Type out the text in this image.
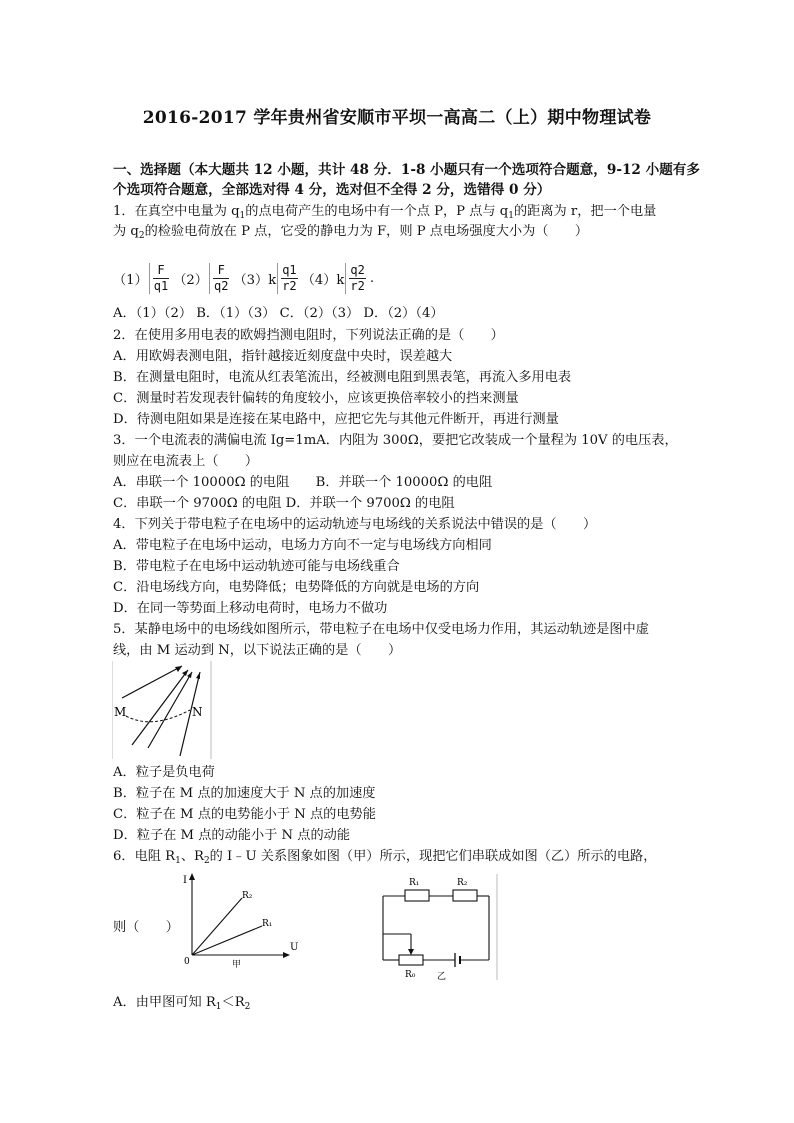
2016-2017 学年贵州省安顺市平坝一高高二（上）期中物理试卷
一、选择题（本大题共 12 小题，共计 48 分．1-8 小题只有一个选项符合题意，9-12 小题有多
个选项符合题意，全部选对得 4 分，选对但不全得 2 分，选错得 0 分）
1．在真空中电量为 $q_1$的点电荷产生的电场中有一个点 P，P 点与 $q_1$的距离为 r，把一个电量
为 $q_2$的检验电荷放在 P 点，它受的静电力为 F，则 P 点电场强度大小为（　　）
$(1) \frac{F}{q1} (2) \frac{F}{q2} (3)k \frac{q1}{r2} (4)k \frac{q2}{r2}$ .
A．（1）（2） B．（1）（3） C．（2）（3） D．（2）（4）
2．在使用多用电表的欧姆挡测电阻时，下列说法正确的是（　　）
A．用欧姆表测电阻，指针越接近刻度盘中央时，误差越大
B．在测量电阻时，电流从红表笔流出，经被测电阻到黑表笔，再流入多用电表
C．测量时若发现表针偏转的角度较小，应该更换倍率较小的挡来测量
D．待测电阻如果是连接在某电路中，应把它先与其他元件断开，再进行测量
3．一个电流表的满偏电流 Ig=1mA．内阻为 300Ω，要把它改装成一个量程为 10V 的电压表，
则应在电流表上（　　）
A．串联一个 10000Ω 的电阻　　B．并联一个 10000Ω 的电阻
C．串联一个 9700Ω 的电阻 D．并联一个 9700Ω 的电阻
4．下列关于带电粒子在电场中的运动轨迹与电场线的关系说法中错误的是（　　）
A．带电粒子在电场中运动，电场力方向不一定与电场线方向相同
B．带电粒子在电场中运动轨迹可能与电场线重合
C．沿电场线方向，电势降低；电势降低的方向就是电场的方向
D．在同一等势面上移动电荷时，电场力不做功
5．某静电场中的电场线如图所示，带电粒子在电场中仅受电场力作用，其运动轨迹是图中虚
线，由 M 运动到 N，以下说法正确的是（　　）
M	N
A．粒子是负电荷
B．粒子在 M 点的加速度大于 N 点的加速度
C．粒子在 M 点的电势能小于 N 点的电势能
D．粒子在 M 点的动能小于 N 点的动能
6．电阻 $R_1$、$R_2$的 I﹣U 关系图象如图（甲）所示，现把它们串联成如图（乙）所示的电路，
则（　　）
I
U
0
R₂
R₁
甲
R₁	R₂
R₀ 乙
A．由甲图可知 $R_1<R_2$
